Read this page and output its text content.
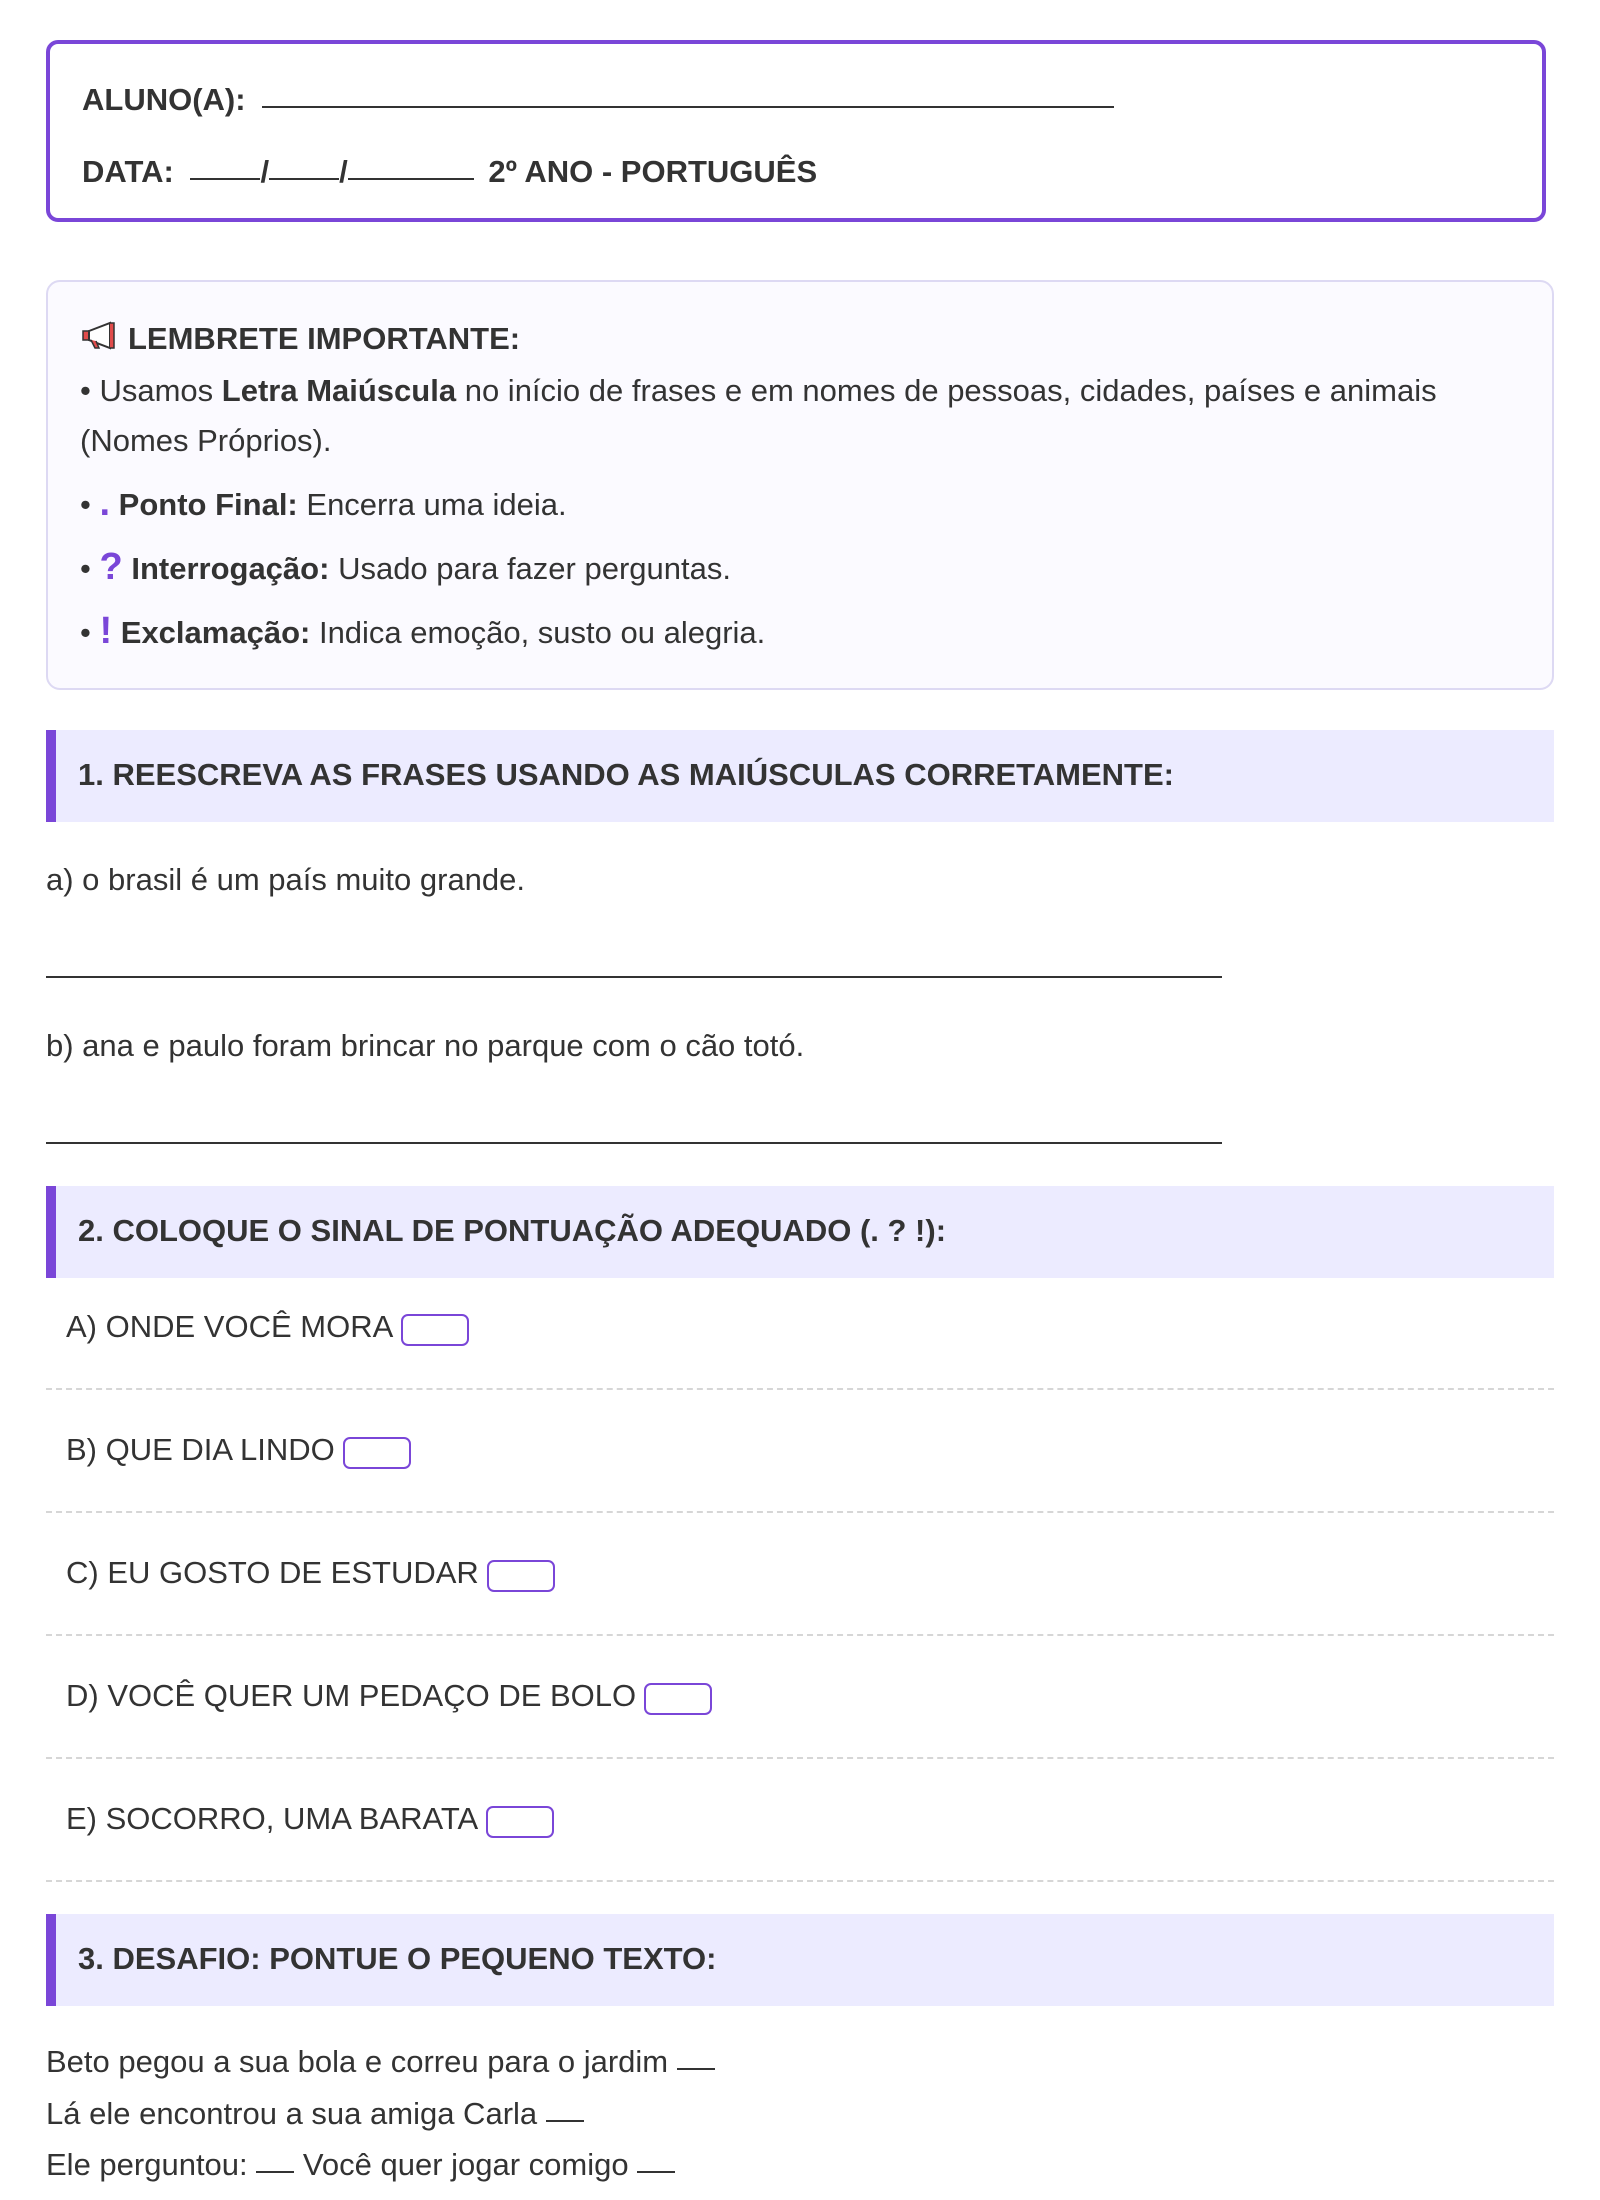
ALUNO(A):
DATA:	/ /	2º ANO - PORTUGUÊS
LEMBRETE IMPORTANTE:
• Usamos Letra Maiúscula no início de frases e em nomes de pessoas, cidades, países e animais
(Nomes Próprios).
• . Ponto Final: Encerra uma ideia.
• ? Interrogação: Usado para fazer perguntas.
• ! Exclamação: Indica emoção, susto ou alegria.
1. REESCREVA AS FRASES USANDO AS MAIÚSCULAS CORRETAMENTE:
a) o brasil é um país muito grande.
b) ana e paulo foram brincar no parque com o cão totó.
2. COLOQUE O SINAL DE PONTUAÇÃO ADEQUADO (. ? !):
A) ONDE VOCÊ MORA
B) QUE DIA LINDO
C) EU GOSTO DE ESTUDAR
D) VOCÊ QUER UM PEDAÇO DE BOLO
E) SOCORRO, UMA BARATA
3. DESAFIO: PONTUE O PEQUENO TEXTO:
Beto pegou a sua bola e correu para o jardim
Lá ele encontrou a sua amiga Carla
Ele perguntou: Você quer jogar comigo
